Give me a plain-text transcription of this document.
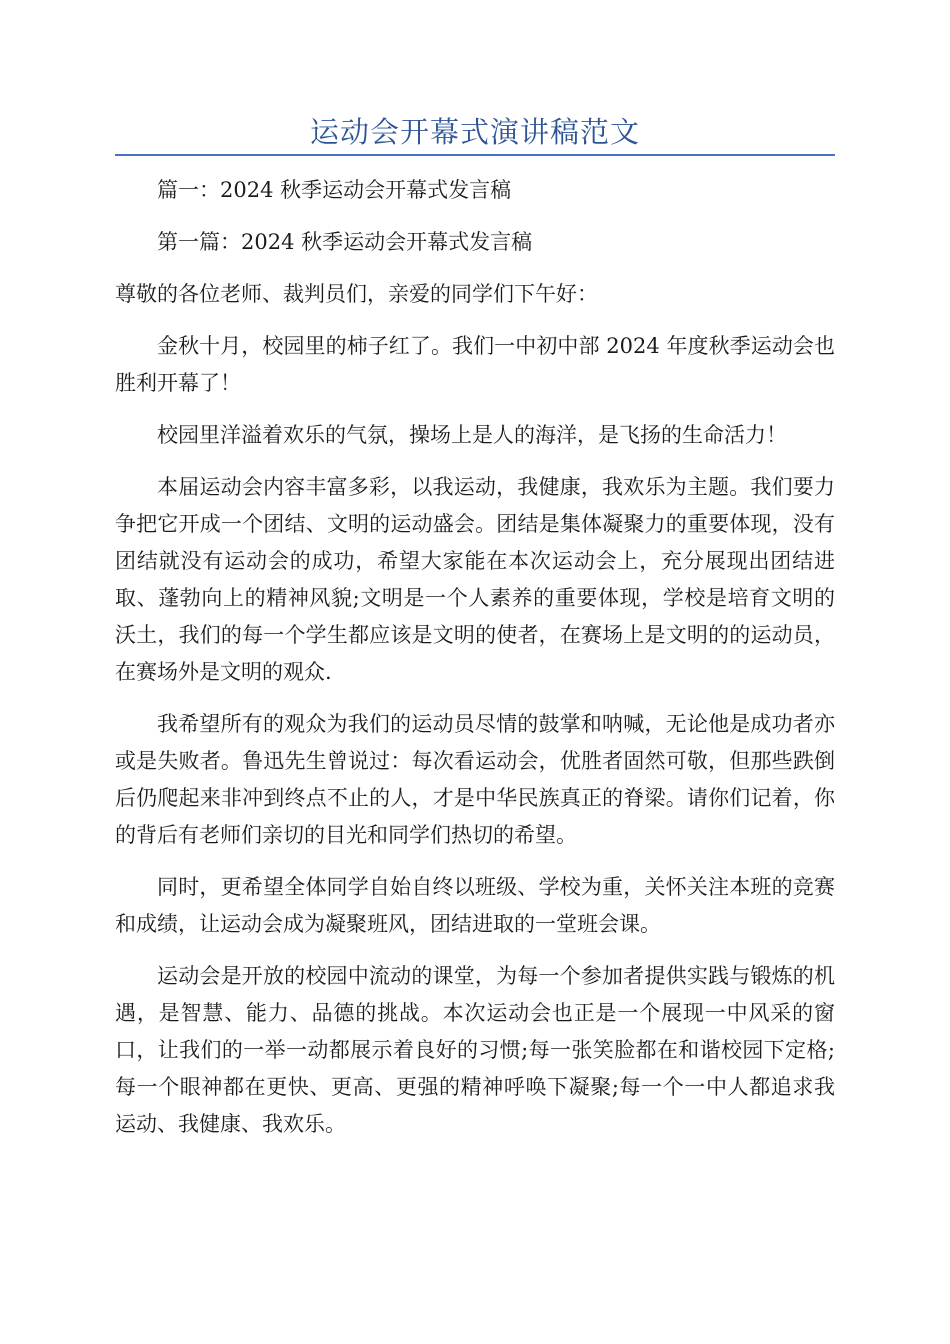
运动会开幕式演讲稿范文

篇一：2024 秋季运动会开幕式发言稿

第一篇：2024 秋季运动会开幕式发言稿

尊敬的各位老师、裁判员们，亲爱的同学们下午好：

金秋十月，校园里的柿子红了。我们一中初中部 2024 年度秋季运动会也胜利开幕了！

校园里洋溢着欢乐的气氛，操场上是人的海洋，是飞扬的生命活力！

本届运动会内容丰富多彩，以我运动，我健康，我欢乐为主题。我们要力争把它开成一个团结、文明的运动盛会。团结是集体凝聚力的重要体现，没有团结就没有运动会的成功，希望大家能在本次运动会上，充分展现出团结进取、蓬勃向上的精神风貌;文明是一个人素养的重要体现，学校是培育文明的沃土，我们的每一个学生都应该是文明的使者，在赛场上是文明的的运动员，在赛场外是文明的观众.

我希望所有的观众为我们的运动员尽情的鼓掌和呐喊，无论他是成功者亦或是失败者。鲁迅先生曾说过：每次看运动会，优胜者固然可敬，但那些跌倒后仍爬起来非冲到终点不止的人，才是中华民族真正的脊梁。请你们记着，你的背后有老师们亲切的目光和同学们热切的希望。

同时，更希望全体同学自始自终以班级、学校为重，关怀关注本班的竞赛和成绩，让运动会成为凝聚班风，团结进取的一堂班会课。

运动会是开放的校园中流动的课堂，为每一个参加者提供实践与锻炼的机遇，是智慧、能力、品德的挑战。本次运动会也正是一个展现一中风采的窗口，让我们的一举一动都展示着良好的习惯;每一张笑脸都在和谐校园下定格;每一个眼神都在更快、更高、更强的精神呼唤下凝聚;每一个一中人都追求我运动、我健康、我欢乐。
